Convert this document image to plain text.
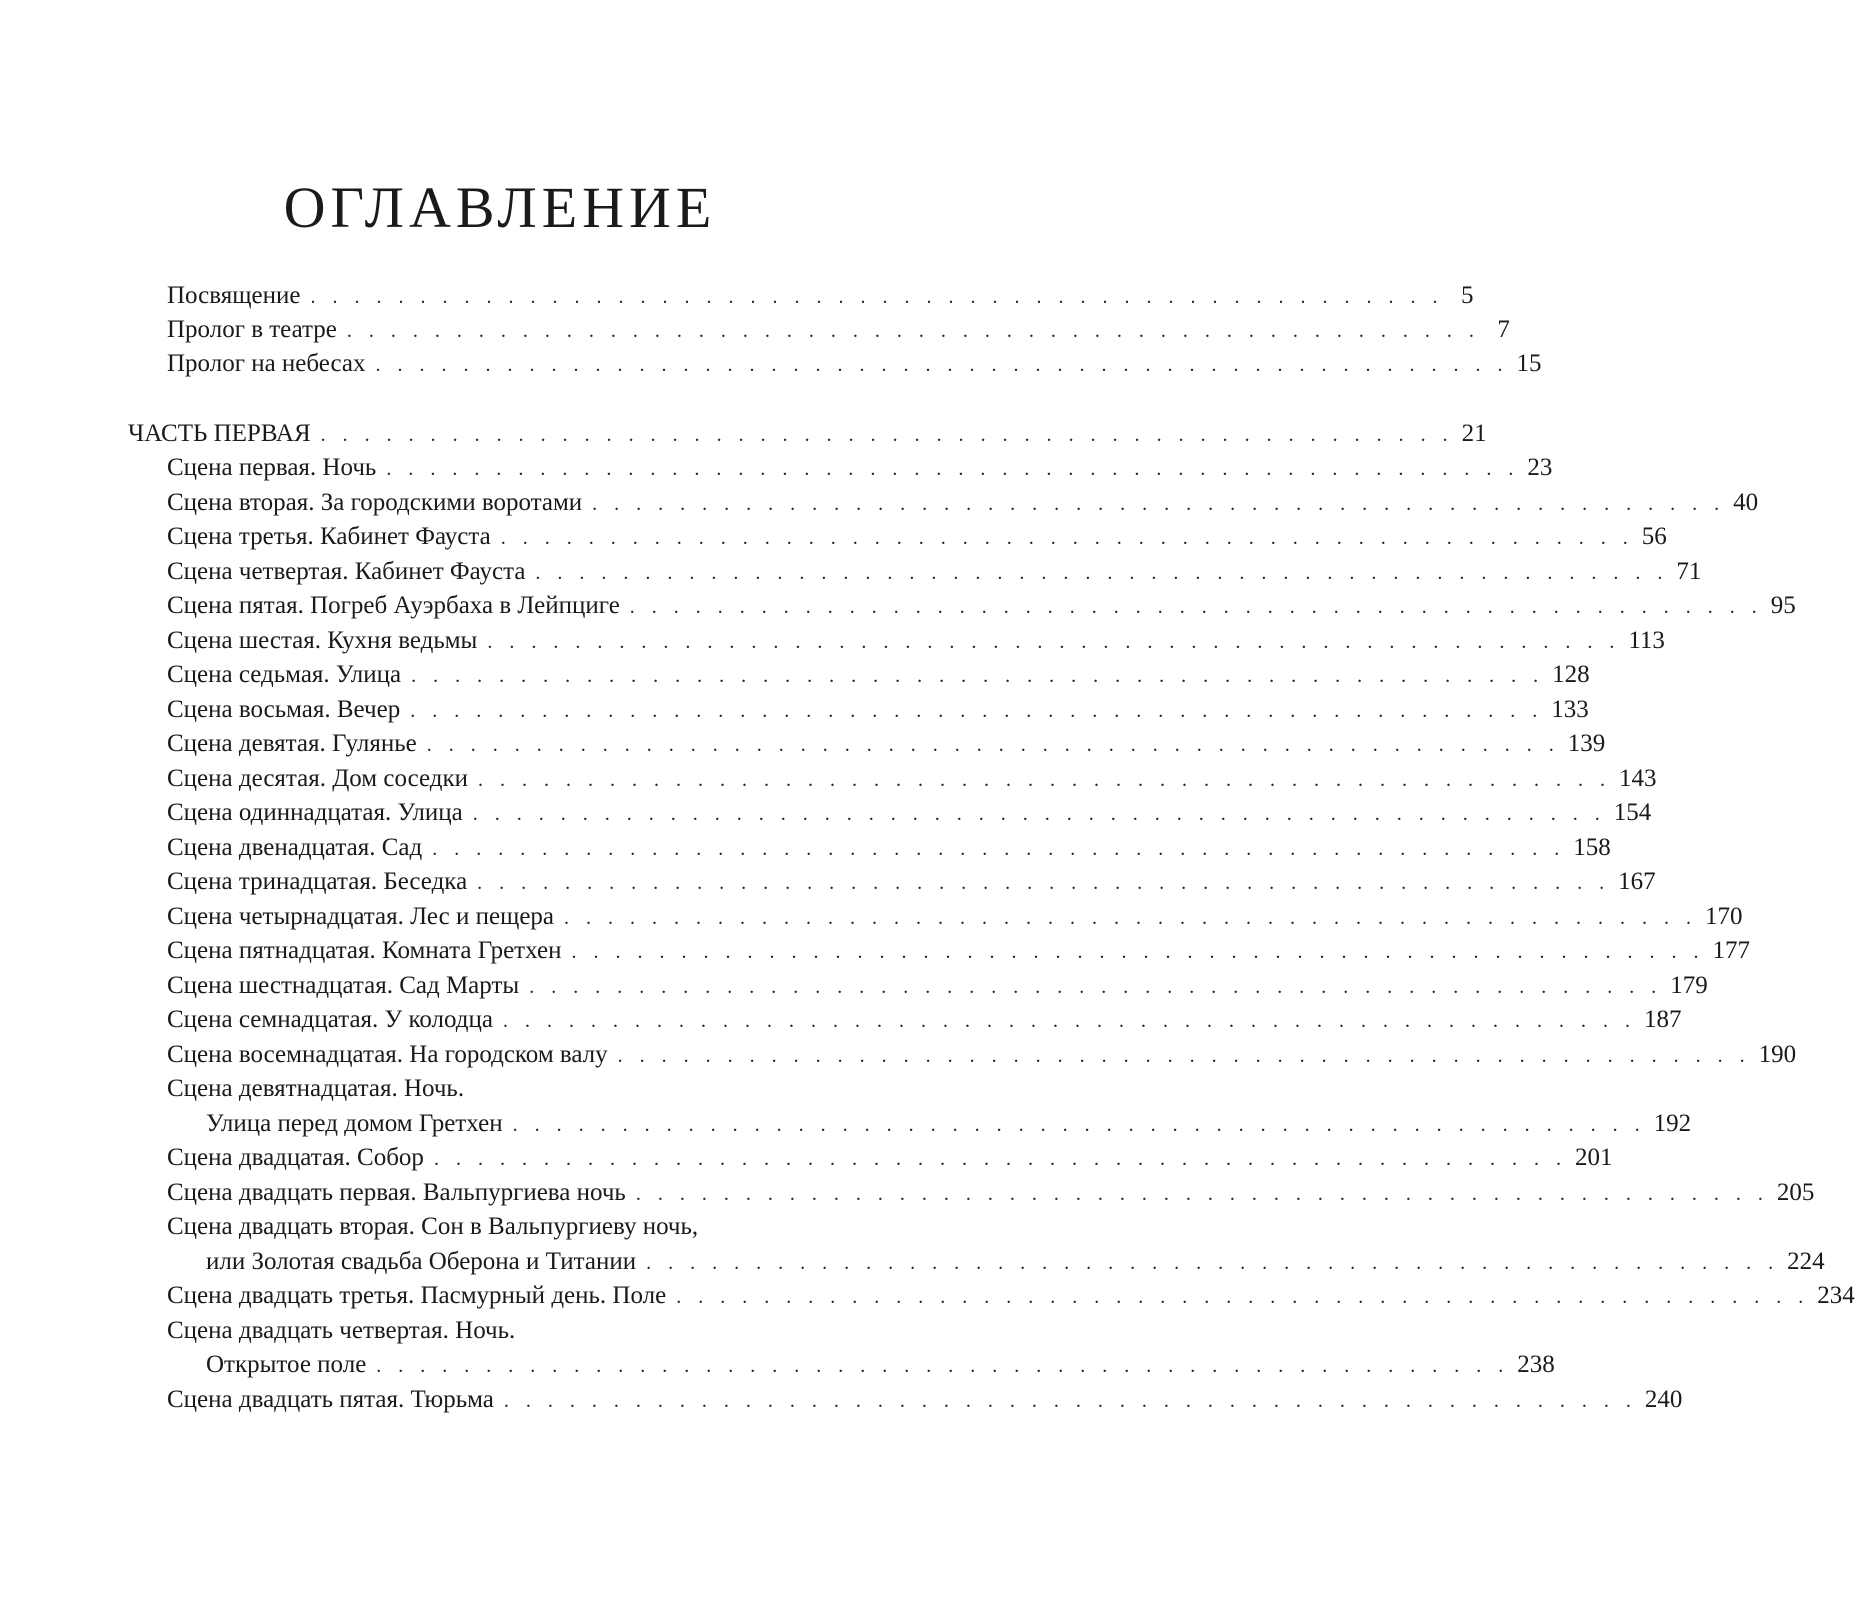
ОГЛАВЛЕНИЕ
Посвящение . . . . . . . . . . . . . . . . . . . . . . . . . . . . . . . . . . . . . . . . . . . . . . . . . . . . 5
Пролог в театре . . . . . . . . . . . . . . . . . . . . . . . . . . . . . . . . . . . . . . . . . . . . . . . . . . . . 7
Пролог на небесах . . . . . . . . . . . . . . . . . . . . . . . . . . . . . . . . . . . . . . . . . . . . . . . . . . . . 15
ЧАСТЬ ПЕРВАЯ . . . . . . . . . . . . . . . . . . . . . . . . . . . . . . . . . . . . . . . . . . . . . . . . . . . . 21
Сцена первая. Ночь . . . . . . . . . . . . . . . . . . . . . . . . . . . . . . . . . . . . . . . . . . . . . . . . . . . . 23
Сцена вторая. За городскими воротами . . . . . . . . . . . . . . . . . . . . . . . . . . . . . . . . . . . . . . . . . . . . . . . . . . . . 40
Сцена третья. Кабинет Фауста . . . . . . . . . . . . . . . . . . . . . . . . . . . . . . . . . . . . . . . . . . . . . . . . . . . . 56
Сцена четвертая. Кабинет Фауста . . . . . . . . . . . . . . . . . . . . . . . . . . . . . . . . . . . . . . . . . . . . . . . . . . . . 71
Сцена пятая. Погреб Ауэрбаха в Лейпциге . . . . . . . . . . . . . . . . . . . . . . . . . . . . . . . . . . . . . . . . . . . . . . . . . . . . 95
Сцена шестая. Кухня ведьмы . . . . . . . . . . . . . . . . . . . . . . . . . . . . . . . . . . . . . . . . . . . . . . . . . . . . 113
Сцена седьмая. Улица . . . . . . . . . . . . . . . . . . . . . . . . . . . . . . . . . . . . . . . . . . . . . . . . . . . . 128
Сцена восьмая. Вечер . . . . . . . . . . . . . . . . . . . . . . . . . . . . . . . . . . . . . . . . . . . . . . . . . . . . 133
Сцена девятая. Гулянье . . . . . . . . . . . . . . . . . . . . . . . . . . . . . . . . . . . . . . . . . . . . . . . . . . . . 139
Сцена десятая. Дом соседки . . . . . . . . . . . . . . . . . . . . . . . . . . . . . . . . . . . . . . . . . . . . . . . . . . . . 143
Сцена одиннадцатая. Улица . . . . . . . . . . . . . . . . . . . . . . . . . . . . . . . . . . . . . . . . . . . . . . . . . . . . 154
Сцена двенадцатая. Сад . . . . . . . . . . . . . . . . . . . . . . . . . . . . . . . . . . . . . . . . . . . . . . . . . . . . 158
Сцена тринадцатая. Беседка . . . . . . . . . . . . . . . . . . . . . . . . . . . . . . . . . . . . . . . . . . . . . . . . . . . . 167
Сцена четырнадцатая. Лес и пещера . . . . . . . . . . . . . . . . . . . . . . . . . . . . . . . . . . . . . . . . . . . . . . . . . . . . 170
Сцена пятнадцатая. Комната Гретхен . . . . . . . . . . . . . . . . . . . . . . . . . . . . . . . . . . . . . . . . . . . . . . . . . . . . 177
Сцена шестнадцатая. Сад Марты . . . . . . . . . . . . . . . . . . . . . . . . . . . . . . . . . . . . . . . . . . . . . . . . . . . . 179
Сцена семнадцатая. У колодца . . . . . . . . . . . . . . . . . . . . . . . . . . . . . . . . . . . . . . . . . . . . . . . . . . . . 187
Сцена восемнадцатая. На городском валу . . . . . . . . . . . . . . . . . . . . . . . . . . . . . . . . . . . . . . . . . . . . . . . . . . . . 190
Сцена девятнадцатая. Ночь.
Улица перед домом Гретхен . . . . . . . . . . . . . . . . . . . . . . . . . . . . . . . . . . . . . . . . . . . . . . . . . . . . 192
Сцена двадцатая. Собор . . . . . . . . . . . . . . . . . . . . . . . . . . . . . . . . . . . . . . . . . . . . . . . . . . . . 201
Сцена двадцать первая. Вальпургиева ночь . . . . . . . . . . . . . . . . . . . . . . . . . . . . . . . . . . . . . . . . . . . . . . . . . . . . 205
Сцена двадцать вторая. Сон в Вальпургиеву ночь,
или Золотая свадьба Оберона и Титании . . . . . . . . . . . . . . . . . . . . . . . . . . . . . . . . . . . . . . . . . . . . . . . . . . . . 224
Сцена двадцать третья. Пасмурный день. Поле . . . . . . . . . . . . . . . . . . . . . . . . . . . . . . . . . . . . . . . . . . . . . . . . . . . . 234
Сцена двадцать четвертая. Ночь.
Открытое поле . . . . . . . . . . . . . . . . . . . . . . . . . . . . . . . . . . . . . . . . . . . . . . . . . . . . 238
Сцена двадцать пятая. Тюрьма . . . . . . . . . . . . . . . . . . . . . . . . . . . . . . . . . . . . . . . . . . . . . . . . . . . . 240
